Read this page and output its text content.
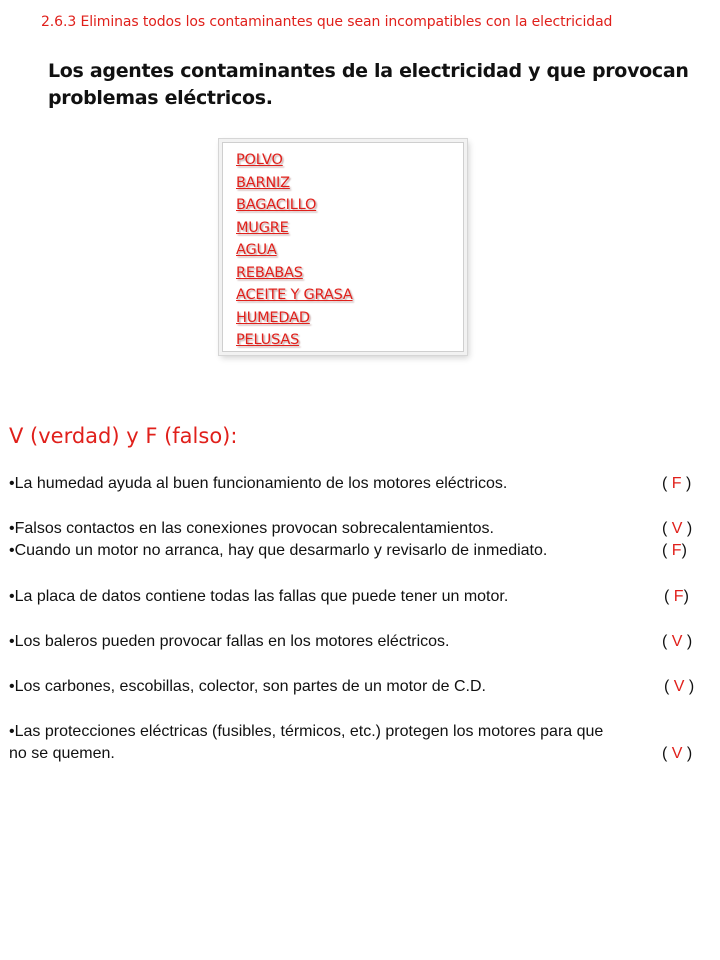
2.6.3 Eliminas todos los contaminantes que sean incompatibles con la electricidad
Los agentes contaminantes de la electricidad y que provocan problemas eléctricos.
POLVO
BARNIZ
BAGACILLO
MUGRE
AGUA
REBABAS
ACEITE Y GRASA
HUMEDAD
PELUSAS
V (verdad) y F (falso):
•La humedad ayuda al buen funcionamiento de los motores eléctricos.	( F )
•Falsos contactos en las conexiones provocan sobrecalentamientos.	( V )
•Cuando un motor no arranca, hay que desarmarlo y revisarlo de inmediato.	( F)
•La placa de datos contiene todas las fallas que puede tener un motor.	( F)
•Los baleros pueden provocar fallas en los motores eléctricos.	( V )
•Los carbones, escobillas, colector, son partes de un motor de C.D.	( V )
•Las protecciones eléctricas (fusibles, térmicos, etc.) protegen los motores para que
no se quemen.	( V )
